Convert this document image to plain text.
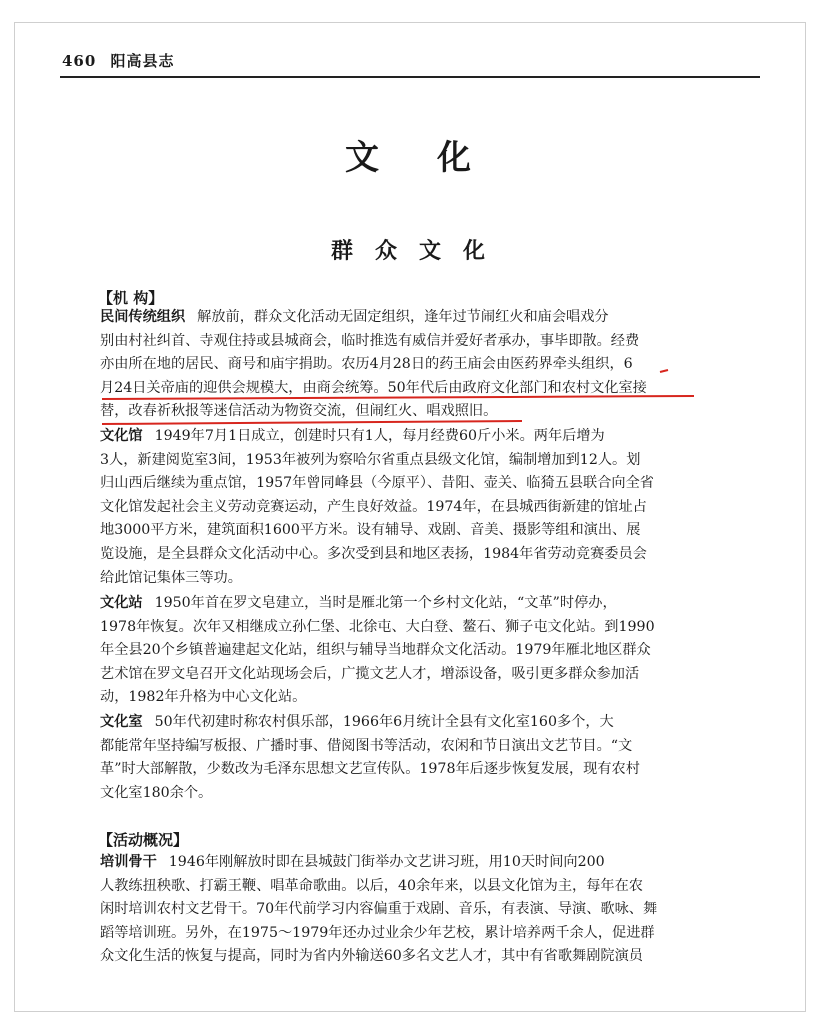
460 阳高县志
文化
群众文化
【机 构】
民间传统组织 解放前，群众文化活动无固定组织，逢年过节闹红火和庙会唱戏分
别由村社纠首、寺观住持或县城商会，临时推选有威信并爱好者承办，事毕即散。经费
亦由所在地的居民、商号和庙宇捐助。农历4月28日的药王庙会由医药界牵头组织，6
月24日关帝庙的迎供会规模大，由商会统筹。50年代后由政府文化部门和农村文化室接
替，改春祈秋报等迷信活动为物资交流，但闹红火、唱戏照旧。
文化馆 1949年7月1日成立，创建时只有1人，每月经费60斤小米。两年后增为
3人，新建阅览室3间，1953年被列为察哈尔省重点县级文化馆，编制增加到12人。划
归山西后继续为重点馆，1957年曾同峰县（今原平）、昔阳、壶关、临猗五县联合向全省
文化馆发起社会主义劳动竞赛运动，产生良好效益。1974年，在县城西街新建的馆址占
地3000平方米，建筑面积1600平方米。设有辅导、戏剧、音美、摄影等组和演出、展
览设施，是全县群众文化活动中心。多次受到县和地区表扬，1984年省劳动竞赛委员会
给此馆记集体三等功。
文化站 1950年首在罗文皂建立，当时是雁北第一个乡村文化站，“文革”时停办，
1978年恢复。次年又相继成立孙仁堡、北徐屯、大白登、鳌石、狮子屯文化站。到1990
年全县20个乡镇普遍建起文化站，组织与辅导当地群众文化活动。1979年雁北地区群众
艺术馆在罗文皂召开文化站现场会后，广揽文艺人才，增添设备，吸引更多群众参加活
动，1982年升格为中心文化站。
文化室 50年代初建时称农村俱乐部，1966年6月统计全县有文化室160多个，大
都能常年坚持编写板报、广播时事、借阅图书等活动，农闲和节日演出文艺节目。“文
革”时大部解散，少数改为毛泽东思想文艺宣传队。1978年后逐步恢复发展，现有农村
文化室180余个。
【活动概况】
培训骨干 1946年刚解放时即在县城鼓门街举办文艺讲习班，用10天时间向200
人教练扭秧歌、打霸王鞭、唱革命歌曲。以后，40余年来，以县文化馆为主，每年在农
闲时培训农村文艺骨干。70年代前学习内容偏重于戏剧、音乐，有表演、导演、歌咏、舞
蹈等培训班。另外，在1975～1979年还办过业余少年艺校，累计培养两千余人，促进群
众文化生活的恢复与提高，同时为省内外输送60多名文艺人才，其中有省歌舞剧院演员
